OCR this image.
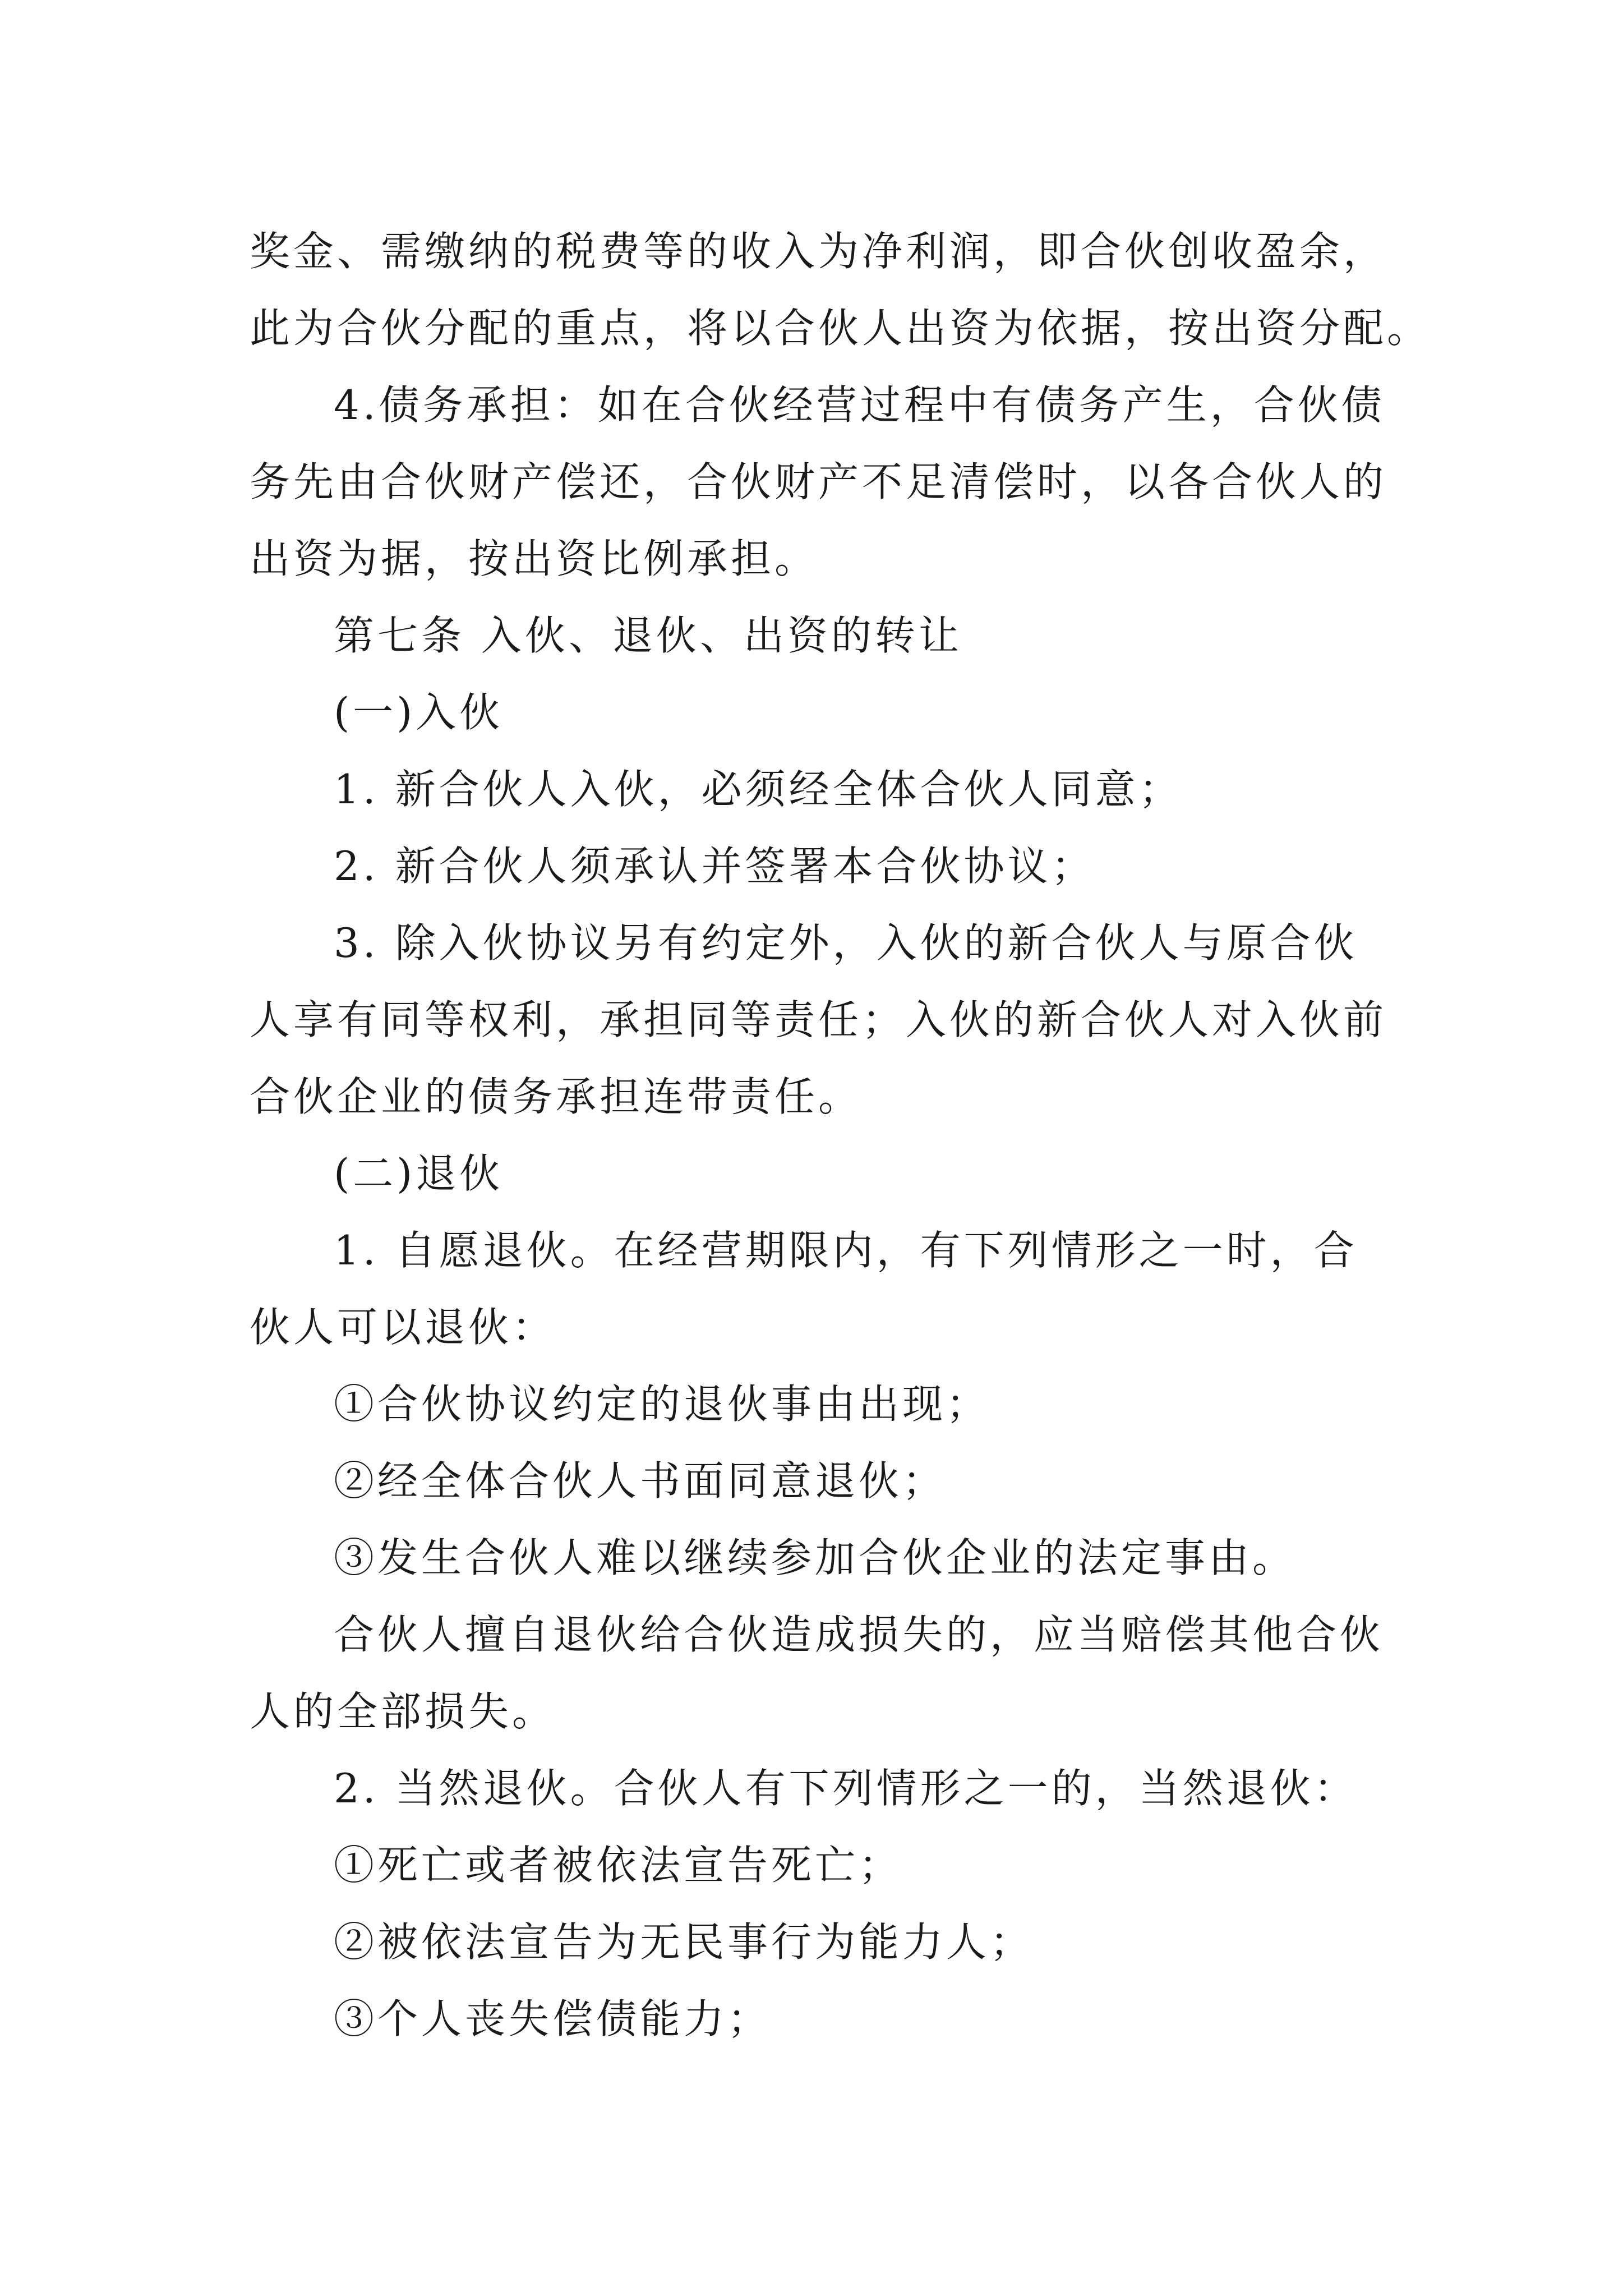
奖金、需缴纳的税费等的收入为净利润，即合伙创收盈余，
此为合伙分配的重点，将以合伙人出资为依据，按出资分配。
4.债务承担：如在合伙经营过程中有债务产生，合伙债
务先由合伙财产偿还，合伙财产不足清偿时，以各合伙人的
出资为据，按出资比例承担。
第七条 入伙、退伙、出资的转让
(一)入伙
1. 新合伙人入伙，必须经全体合伙人同意；
2. 新合伙人须承认并签署本合伙协议；
3. 除入伙协议另有约定外，入伙的新合伙人与原合伙
人享有同等权利，承担同等责任；入伙的新合伙人对入伙前
合伙企业的债务承担连带责任。
(二)退伙
1. 自愿退伙。在经营期限内，有下列情形之一时，合
伙人可以退伙：
①合伙协议约定的退伙事由出现；
②经全体合伙人书面同意退伙；
③发生合伙人难以继续参加合伙企业的法定事由。
合伙人擅自退伙给合伙造成损失的，应当赔偿其他合伙
人的全部损失。
2. 当然退伙。合伙人有下列情形之一的，当然退伙：
①死亡或者被依法宣告死亡；
②被依法宣告为无民事行为能力人；
③个人丧失偿债能力；
